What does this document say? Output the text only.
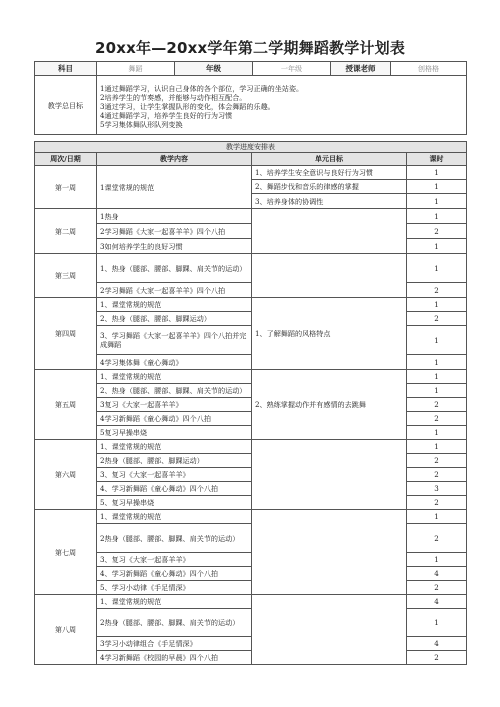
20xx年—20xx学年第二学期舞蹈教学计划表
科目	舞蹈	年级	一年级	授课老师	创格格
教学总目标	1通过舞蹈学习，认识自己身体的各个部位，学习正确的坐站姿。
2培养学生的节奏感，并能够与动作相互配合。
3通过学习，让学生掌握队形的变化，体会舞蹈的乐趣。
4通过舞蹈学习，培养学生良好的行为习惯
5学习集体舞队形队列变换				
教学进度安排表			
周次/日期	教学内容	单元目标	课时
第一周	1课堂常规的规范	1、培养学生安全意识与良好行为习惯	1
		2、舞蹈步伐和音乐的律感的掌握	1
		3、培养身体的协调性	1
第二周	1热身		1
	2学习舞蹈《大家一起喜羊羊》四个八拍		2
	3如何培养学生的良好习惯		1
第三周	1、热身（腿部、腰部、脚踝、肩关节的运动）		1
	2学习舞蹈《大家一起喜羊羊》四个八拍		2
第四周	1、课堂常规的规范	1、了解舞蹈的风格特点	1
	2、热身（腿部、腰部、脚踝运动）		2
	3、学习舞蹈《大家一起喜羊羊》四个八拍并完成舞蹈		1
	4学习集体舞《童心舞动》		1
第五周	1、课堂常规的规范	2、熟练掌握动作并有感情的去跳舞	1
	2、热身（腿部、腰部、脚踝、肩关节的运动）		1
	3复习《大家一起喜羊羊》		2
	4学习新舞蹈《童心舞动》四个八拍		2
	5复习早操串烧		1
第六周	1、课堂常规的规范		1
	2热身（腿部、腰部、脚踝运动）		2
	3、复习《大家一起喜羊羊》		2
	4、学习新舞蹈《童心舞动》四个八拍		3
	5、复习早操串烧		2
第七周	1、课堂常规的规范		1
	2热身（腿部、腰部、脚踝、肩关节的运动）		2
	3、复习《大家一起喜羊羊》		1
	4、学习新舞蹈《童心舞动》四个八拍		4
	5、学习小动律《手足情深》		2
第八周	1、课堂常规的规范		4
	2热身（腿部、腰部、脚踝、肩关节的运动）		1
	3学习小动律组合《手足情深》		4
	4学习新舞蹈《校园的早晨》四个八拍		2
